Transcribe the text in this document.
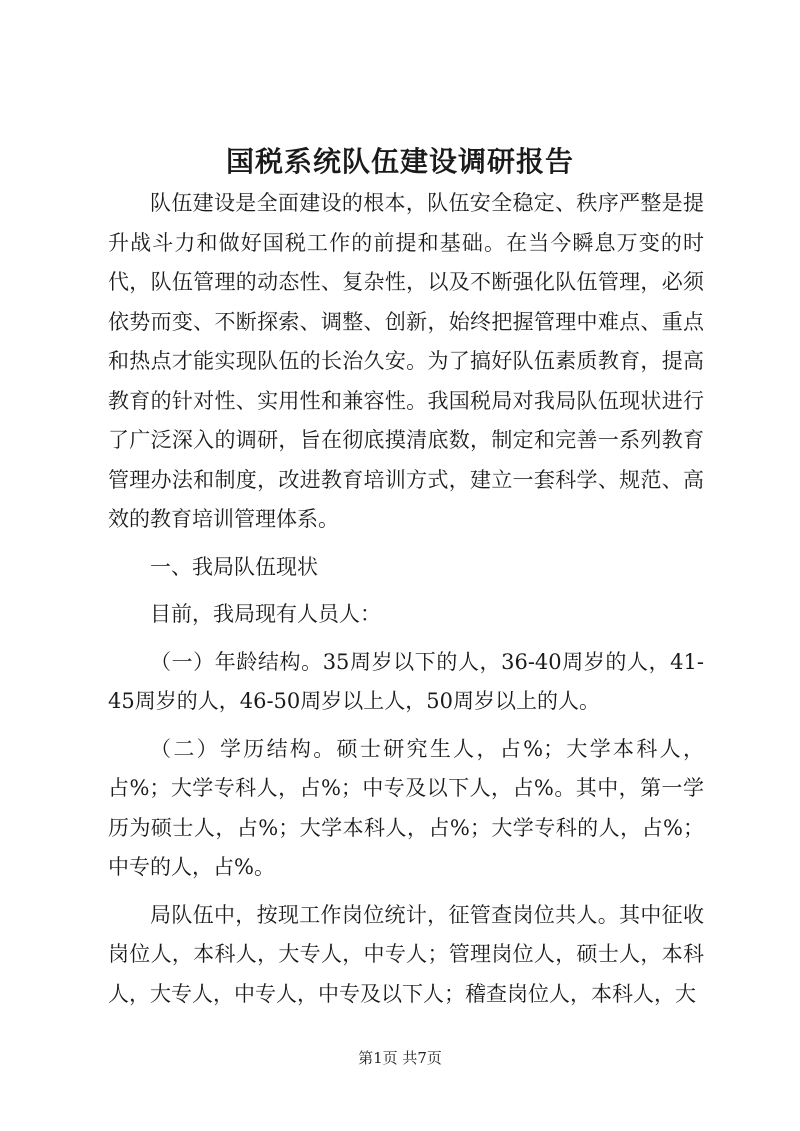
国税系统队伍建设调研报告

队伍建设是全面建设的根本，队伍安全稳定、秩序严整是提升战斗力和做好国税工作的前提和基础。在当今瞬息万变的时代，队伍管理的动态性、复杂性，以及不断强化队伍管理，必须依势而变、不断探索、调整、创新，始终把握管理中难点、重点和热点才能实现队伍的长治久安。为了搞好队伍素质教育，提高教育的针对性、实用性和兼容性。我国税局对我局队伍现状进行了广泛深入的调研，旨在彻底摸清底数，制定和完善一系列教育管理办法和制度，改进教育培训方式，建立一套科学、规范、高效的教育培训管理体系。

一、我局队伍现状

目前，我局现有人员人：

（一）年龄结构。35周岁以下的人，36-40周岁的人，41-45周岁的人，46-50周岁以上人，50周岁以上的人。

（二）学历结构。硕士研究生人，占%；大学本科人，占%；大学专科人，占%；中专及以下人，占%。其中，第一学历为硕士人，占%；大学本科人，占%；大学专科的人，占%；中专的人，占%。

局队伍中，按现工作岗位统计，征管查岗位共人。其中征收岗位人，本科人，大专人，中专人；管理岗位人，硕士人，本科人，大专人，中专人，中专及以下人；稽查岗位人，本科人，大

第1页 共7页
